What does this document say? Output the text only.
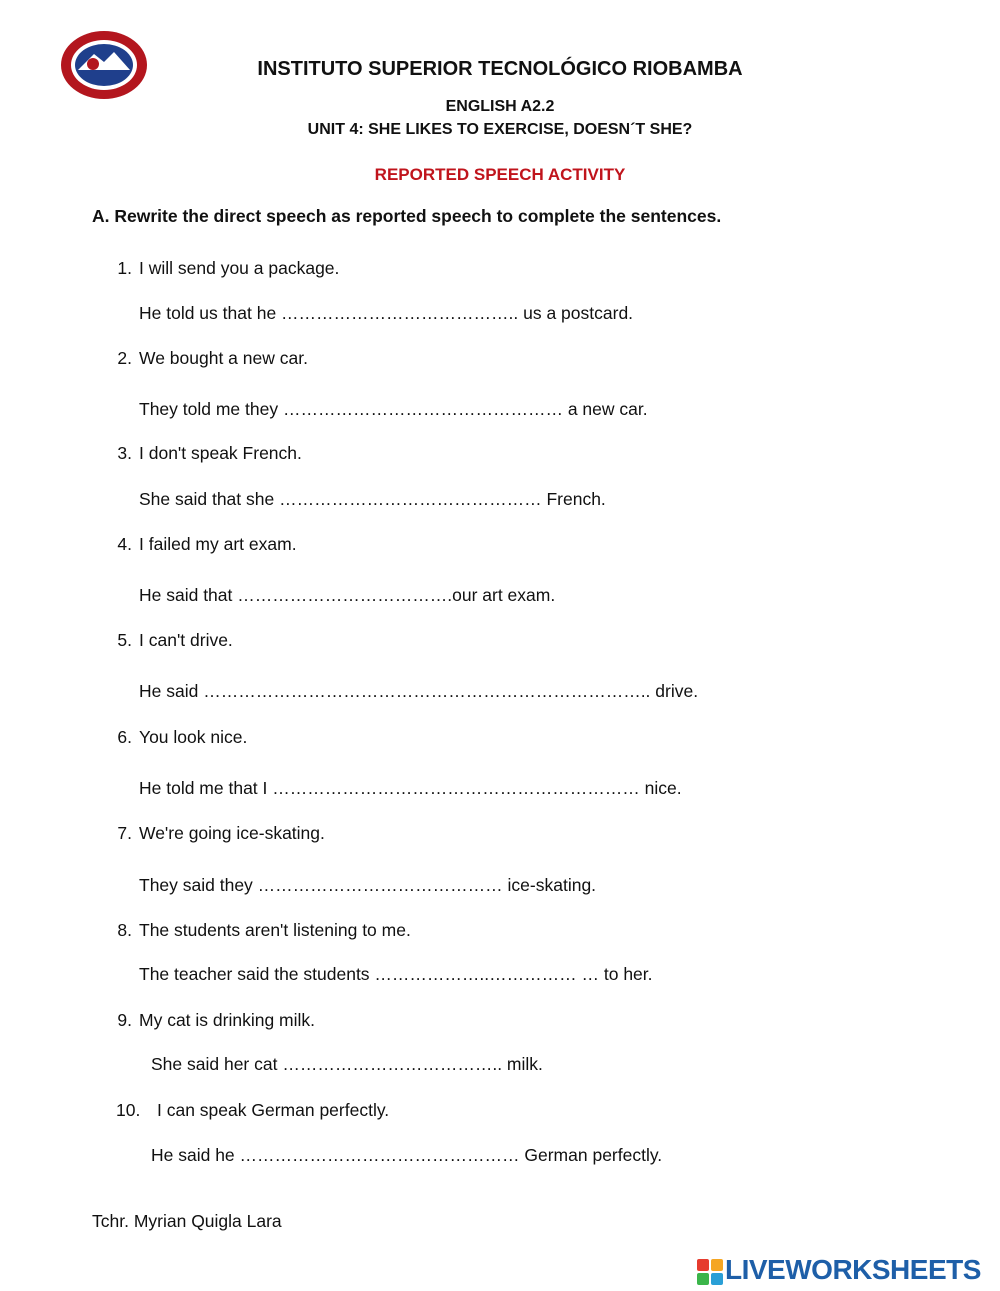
INSTITUTO SUPERIOR TECNOLÓGICO RIOBAMBA
ENGLISH A2.2
UNIT 4: SHE LIKES TO EXERCISE, DOESN´T SHE?
REPORTED SPEECH ACTIVITY
A. Rewrite the direct speech as reported speech to complete the sentences.
1. I will send you a package.
He told us that he ………………………………….. us a postcard.
2. We bought a new car.
They told me they ………………………………………… a new car.
3. I don't speak French.
She said that she ……………………………………… French.
4. I failed my art exam.
He said that ……………………………….our art exam.
5. I can't drive.
He said ………………………………………………………………….. drive.
6. You look nice.
He told me that I ……………………………………………………… nice.
7. We're going ice-skating.
They said they …………………………………… ice-skating.
8. The students aren't listening to me.
The teacher said the students ………………..…………… … to her.
9. My cat is drinking milk.
She said her cat ……………………………….. milk.
10. I can speak German perfectly.
He said he ………………………………………… German perfectly.
Tchr. Myrian Quigla Lara
LIVEWORKSHEETS
